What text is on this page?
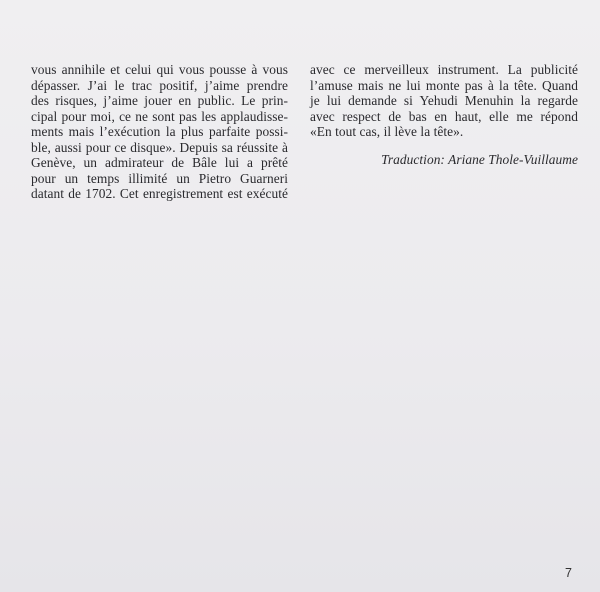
vous annihile et celui qui vous pousse à vous
dépasser. J’ai le trac positif, j’aime prendre
des risques, j’aime jouer en public. Le prin-
cipal pour moi, ce ne sont pas les applaudisse-
ments mais l’exécution la plus parfaite possi-
ble, aussi pour ce disque». Depuis sa réussite à
Genève, un admirateur de Bâle lui a prêté
pour un temps illimité un Pietro Guarneri
datant de 1702. Cet enregistrement est exécuté
avec ce merveilleux instrument. La publicité
l’amuse mais ne lui monte pas à la tête. Quand
je lui demande si Yehudi Menuhin la regarde
avec respect de bas en haut, elle me répond
«En tout cas, il lève la tête».
Traduction: Ariane Thole-Vuillaume
7
